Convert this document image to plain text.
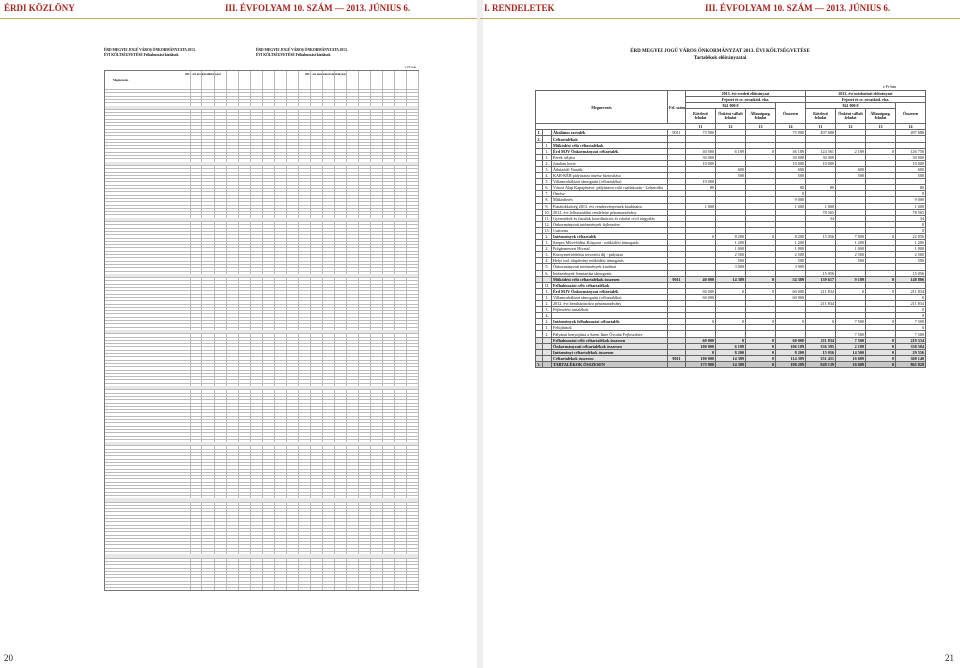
ÉRDI KÖZLÖNY	III. ÉVFOLYAM 10. SZÁM — 2013. JÚNIUS 6.
ÉRD MEGYEI JOGÚ VÁROS ÖNKORMÁNYZATA 2013. ÉVI KÖLTSÉGVETÉSE Felhalmozási kiadások
ÉRD MEGYEI JOGÚ VÁROS ÖNKORMÁNYZATA 2013. ÉVI KÖLTSÉGVETÉSE Felhalmozási kiadások
e Ft-ban
Megnevezés
2013. évi eredeti előirányzat	2013. évi módosított előirányzat
20
I. RENDELETEK	III. ÉVFOLYAM 10. SZÁM — 2013. JÚNIUS 6.
ÉRD MEGYEI JOGÚ VÁROS ÖNKORMÁNYZAT 2013. ÉVI KÖLTSÉGVETÉSE
Tartalékok előirányzatai
e Ft-ban
Megnevezés			Fel. szám	2013. évi eredeti előirányzat				2013. évi módosított előirányzat			
				Fejezet és cr. rovatkód. elsz.				Fejezet és cr. rovatkód. elsz.			
				841 000 0			Összesen	841 000 0			Összesen
				Kötelező feladat	Önként vállalt feladat	Államigazg. feladat		Kötelező feladat	Önként vállalt feladat	Államigazg. feladat	
				11	12	13	14	11	12	13	14
1.		Általános tartalék	9011	75 900			75 900	497 688			497 688
2.		Céltartalékok									
	I.	Működési célú céltartalékok									
	1.	Érd MJV Önkormányzat céltartalék		40 000	6 189	0	46 189	124 561	2 189	0	126 750
	1.	Perek céljára		30 000			30 000	30 000			30 000
	2.	Jutalom keret		10 000			10 000	10 000			10 000
	3.	Áthúzódó Vonatk.			600		600		600		600
	4.	KAB-KÉR pályázatra önrész biztosítása			500		500		500		500
	5.	Villamoshálózat támogatás (céltartaléka)		10 000							
	6.	Városi Alap Kapujénavó, pályázatra való csatlakozás - Leharcába		80			80	80			80
	7.	Önrész					0				0
	8.	Működtetés					9 000				9 000
	9.	Fiatalokkötség 2013. évi rendezvényeinek kiadásaira		1 000			1 000	1 000			1 000
	10.	2012. évi felhasználási rendeletre pénzmaradvány						78 565			78 565
	11.	Gyermekek és fiatalok koordinációs és iskolai civil tárgyalás						34			34
	12.	Önkormányzati intézmények fejlesztése									0
	13.	Csatorna									0
	2.	Intézmények céltartalék		0	8 200	0	8 200	15 056	7 000	0	22 056
	1.	Szepes Művelődési Központ - működési támogatás			1 200		1 200		1 200		1 200
	2.	Polgármesteri Hivatal			1 000		1 000		1 000		1 000
	3.	Környezetvédelmi tervezési díj - pályázat			2 500		2 500		2 500		2 500
	4.	Helyi tud. alapítvány működési támogatás			500		500		500		500
	5.	Önkormányzati intézmények kiadásai			3 000		3 000				
	6.	Intézmények fenntartási támogatás						15 056			15 056
		Működési célú céltartalékok összesen	9011	40 000	14 389	0	54 389	139 617	9 189	0	148 806
	II.	Felhalmozási célú céltartalékok									
	1.	Érd MJV Önkormányzat céltartalék		60 000	0	0	60 000	211 834	0	0	211 834
	1.	Villamoshálózat támogatás (céltartaléka)		60 000			60 000				0
	2.	2012. évi beruházásokra pénzmaradvány						211 834			211 834
	3.	Fejlesztési tartalékok									0
	4.										0
	2.	Intézmények felhalmozási céltartalék		0	0	0	0	0	7 500	0	7 500
	1.	Felújítások									0
	2.	Pályázat benyújtása a Szent Imre Óvodai Fejlesztésre							7 500		7 500
		Felhalmozási célú céltartalékok összesen		60 000	0	0	60 000	211 834	7 500	0	219 334
		Önkormányzati céltartalékok összesen		100 000	6 189	0	106 189	336 395	2 189	0	338 584
		Intézményi céltartalékok összesen		0	8 200	0	8 200	15 056	14 500	0	29 556
		Céltartalékok összesen	9011	100 000	14 389	0	114 389	351 451	16 689	0	368 140
3.		TARTALÉKOK ÖSSZESEN		175 900	14 389	0	190 289	849 139	16 689	0	865 828
21
